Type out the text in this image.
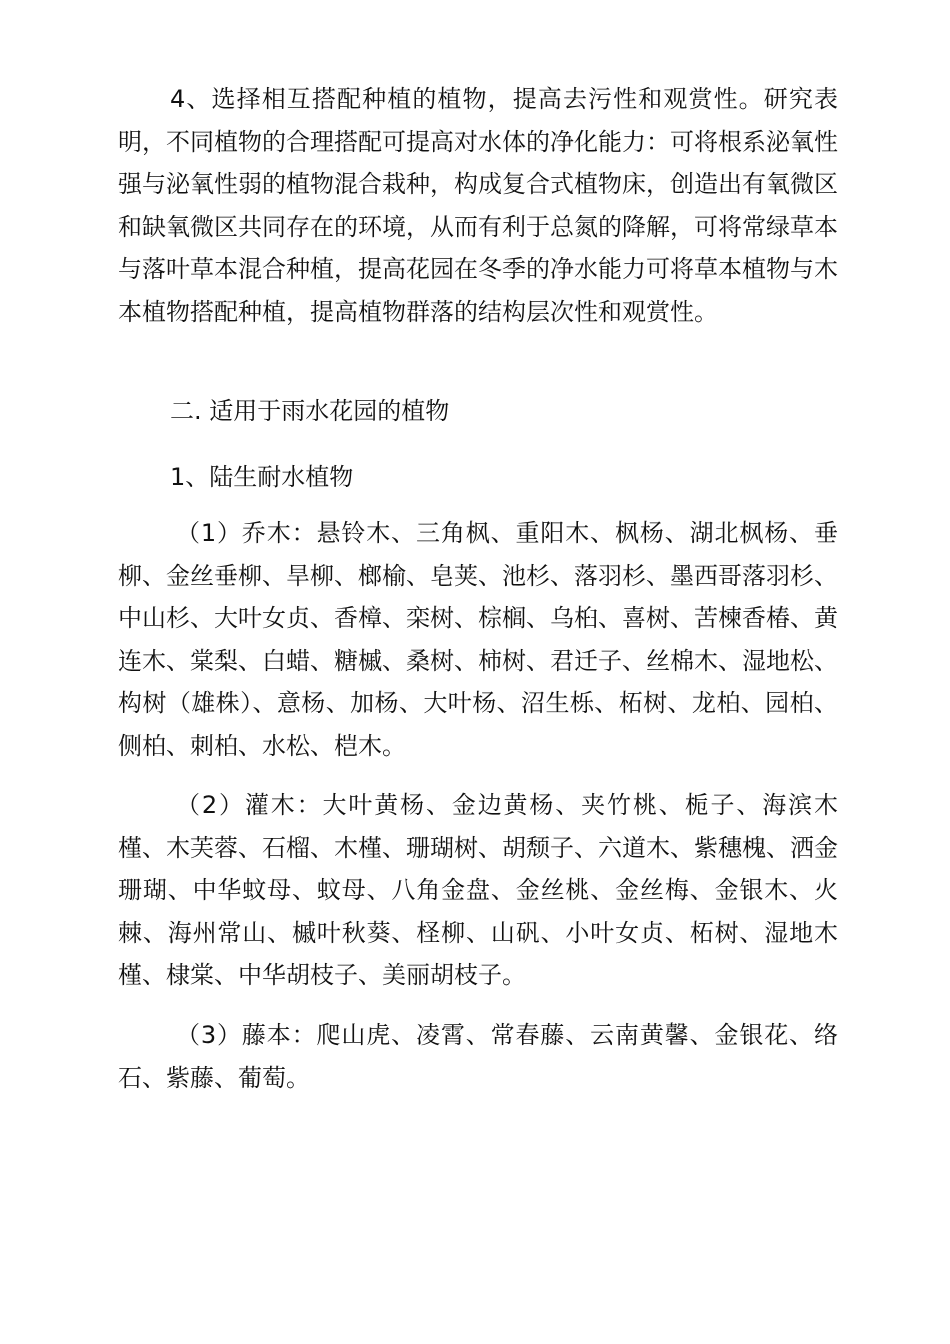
4、选择相互搭配种植的植物，提高去污性和观赏性。研究表明，不同植物的合理搭配可提高对水体的净化能力：可将根系泌氧性强与泌氧性弱的植物混合栽种，构成复合式植物床，创造出有氧微区和缺氧微区共同存在的环境，从而有利于总氮的降解，可将常绿草本与落叶草本混合种植，提高花园在冬季的净水能力可将草本植物与木本植物搭配种植，提高植物群落的结构层次性和观赏性。

二. 适用于雨水花园的植物

1、陆生耐水植物

（1）乔木：悬铃木、三角枫、重阳木、枫杨、湖北枫杨、垂柳、金丝垂柳、旱柳、榔榆、皂荚、池杉、落羽杉、墨西哥落羽杉、中山杉、大叶女贞、香樟、栾树、棕榈、乌桕、喜树、苦楝香椿、黄连木、棠梨、白蜡、糖槭、桑树、柿树、君迁子、丝棉木、湿地松、构树（雄株）、意杨、加杨、大叶杨、沼生栎、柘树、龙柏、园柏、侧柏、刺柏、水松、桤木。

（2）灌木：大叶黄杨、金边黄杨、夹竹桃、栀子、海滨木槿、木芙蓉、石榴、木槿、珊瑚树、胡颓子、六道木、紫穗槐、洒金珊瑚、中华蚊母、蚊母、八角金盘、金丝桃、金丝梅、金银木、火棘、海州常山、槭叶秋葵、柽柳、山矾、小叶女贞、柘树、湿地木槿、棣棠、中华胡枝子、美丽胡枝子。

（3）藤本：爬山虎、凌霄、常春藤、云南黄馨、金银花、络石、紫藤、葡萄。
